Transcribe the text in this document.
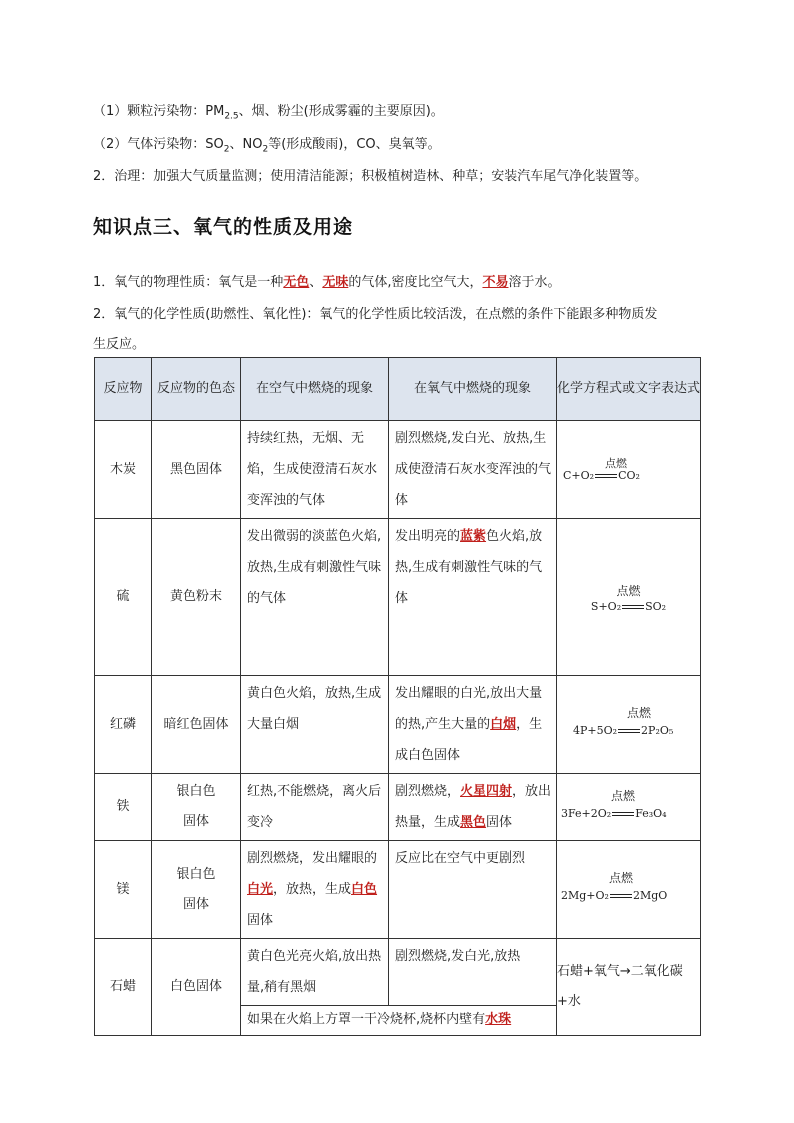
（1）颗粒污染物：$PM_{2.5}$、烟、粉尘(形成雾霾的主要原因)。
（2）气体污染物：$SO_2$、$NO_2$等(形成酸雨)，CO、臭氧等。
2．治理：加强大气质量监测；使用清洁能源；积极植树造林、种草；安装汽车尾气净化装置等。
知识点三、氧气的性质及用途
1．氧气的物理性质：氧气是一种无色、无味的气体,密度比空气大，不易溶于水。
2．氧气的化学性质(助燃性、氧化性)：氧气的化学性质比较活泼，在点燃的条件下能跟多种物质发
生反应。
反应物	反应物的色态	在空气中燃烧的现象	在氧气中燃烧的现象	化学方程式或文字表达式
木炭	黑色固体	持续红热，无烟、无焰，生成使澄清石灰水变浑浊的气体	剧烈燃烧,发白光、放热,生成使澄清石灰水变浑浊的气体	点燃
C+O₂ CO₂
硫	黄色粉末	发出微弱的淡蓝色火焰,放热,生成有刺激性气味的气体	发出明亮的蓝紫色火焰,放热,生成有刺激性气味的气体	点燃
S+O₂ SO₂
红磷	暗红色固体	黄白色火焰，放热,生成大量白烟	发出耀眼的白光,放出大量的热,产生大量的白烟，生成白色固体	点燃
4P+5O₂ 2P₂O₅
铁	银白色固体	红热,不能燃烧，离火后变冷	剧烈燃烧，火星四射，放出热量，生成黑色固体	点燃
3Fe+2O₂ Fe₃O₄
镁	银白色固体	剧烈燃烧，发出耀眼的白光，放热，生成白色固体	反应比在空气中更剧烈	点燃
2Mg+O₂ 2MgO
石蜡	白色固体	黄白色光亮火焰,放出热量,稍有黑烟	剧烈燃烧,发白光,放热	石蜡+氧气→二氧化碳+水
		如果在火焰上方罩一干冷烧杯,烧杯内壁有水珠		
